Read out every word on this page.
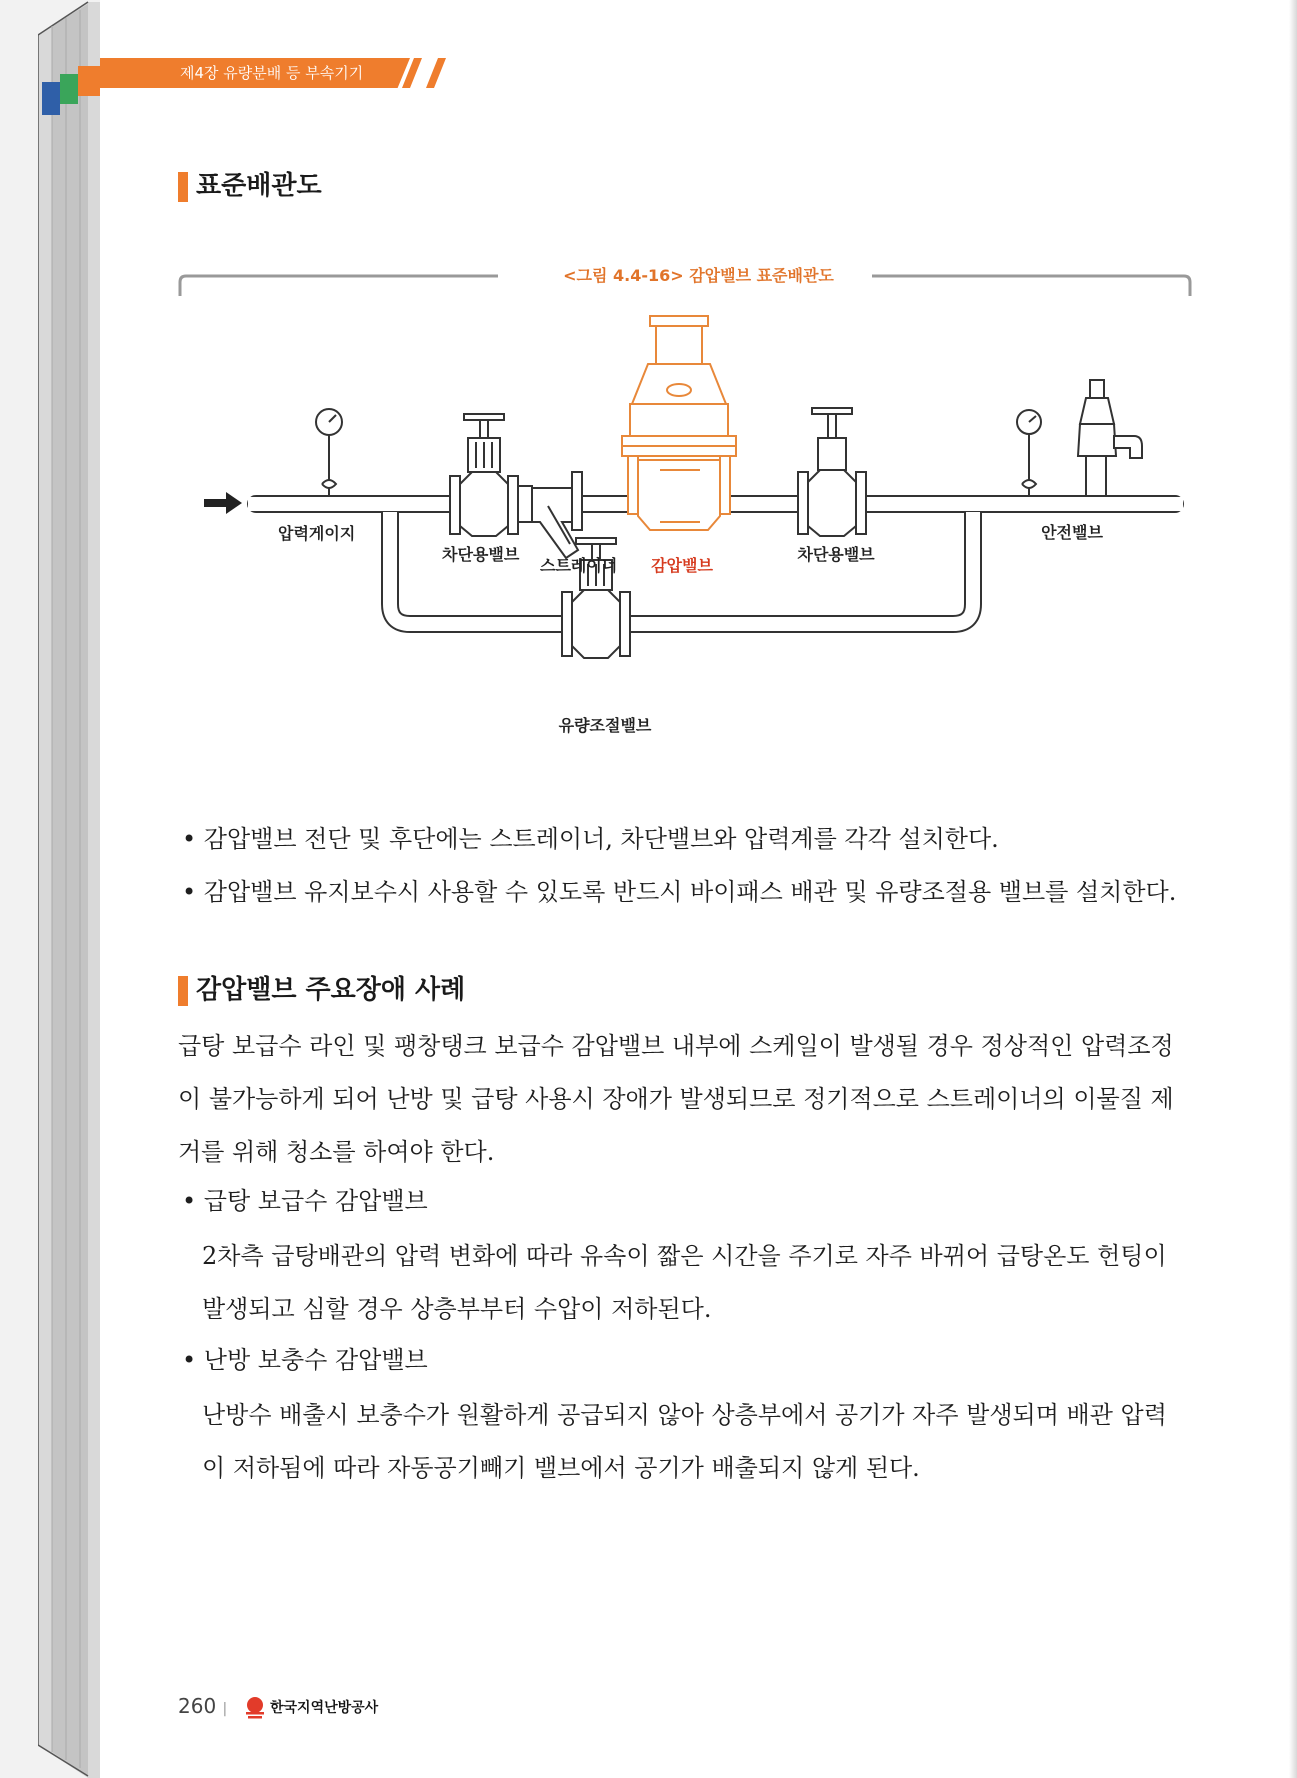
제4장 유량분배 등 부속기기
표준배관도
<그림 4.4-16> 감압밸브 표준배관도
압력게이지
차단용밸브
스트레이너 감압밸브
차단용밸브
안전밸브
유량조절밸브
• 감압밸브 전단 및 후단에는 스트레이너, 차단밸브와 압력계를 각각 설치한다.
• 감압밸브 유지보수시 사용할 수 있도록 반드시 바이패스 배관 및 유량조절용 밸브를 설치한다.
감압밸브 주요장애 사례
급탕 보급수 라인 및 팽창탱크 보급수 감압밸브 내부에 스케일이 발생될 경우 정상적인 압력조정
이 불가능하게 되어 난방 및 급탕 사용시 장애가 발생되므로 정기적으로 스트레이너의 이물질 제
거를 위해 청소를 하여야 한다.
• 급탕 보급수 감압밸브
2차측 급탕배관의 압력 변화에 따라 유속이 짧은 시간을 주기로 자주 바뀌어 급탕온도 헌팅이
발생되고 심할 경우 상층부부터 수압이 저하된다.
• 난방 보충수 감압밸브
난방수 배출시 보충수가 원활하게 공급되지 않아 상층부에서 공기가 자주 발생되며 배관 압력
이 저하됨에 따라 자동공기빼기 밸브에서 공기가 배출되지 않게 된다.
260 |	한국지역난방공사
